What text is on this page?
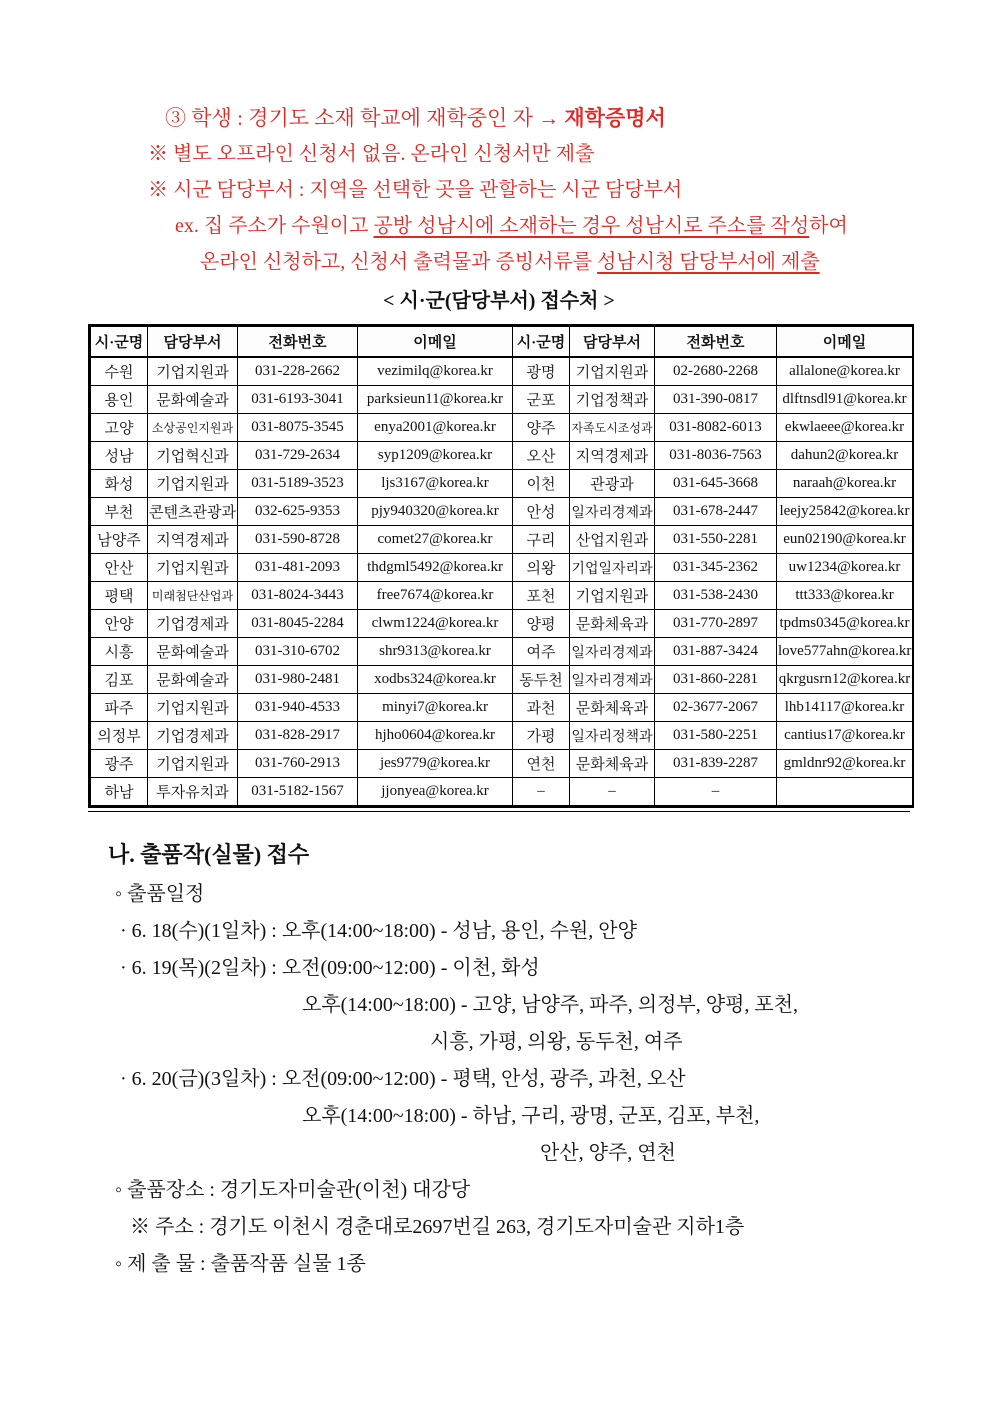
③ 학생 : 경기도 소재 학교에 재학중인 자 → 재학증명서

※ 별도 오프라인 신청서 없음. 온라인 신청서만 제출

※ 시군 담당부서 : 지역을 선택한 곳을 관할하는 시군 담당부서

ex. 집 주소가 수원이고 공방 성남시에 소재하는 경우 성남시로 주소를 작성하여

온라인 신청하고, 신청서 출력물과 증빙서류를 성남시청 담당부서에 제출

< 시·군(담당부서) 접수처 >
시·군명	담당부서	전화번호	이메일	시·군명	담당부서	전화번호	이메일
수원	기업지원과	031-228-2662	vezimilq@korea.kr	광명	기업지원과	02-2680-2268	allalone@korea.kr
용인	문화예술과	031-6193-3041	parksieun11@korea.kr	군포	기업정책과	031-390-0817	dlftnsdl91@korea.kr
고양	소상공인지원과	031-8075-3545	enya2001@korea.kr	양주	자족도시조성과	031-8082-6013	ekwlaeee@korea.kr
성남	기업혁신과	031-729-2634	syp1209@korea.kr	오산	지역경제과	031-8036-7563	dahun2@korea.kr
화성	기업지원과	031-5189-3523	ljs3167@korea.kr	이천	관광과	031-645-3668	naraah@korea.kr
부천	콘텐츠관광과	032-625-9353	pjy940320@korea.kr	안성	일자리경제과	031-678-2447	leejy25842@korea.kr
남양주	지역경제과	031-590-8728	comet27@korea.kr	구리	산업지원과	031-550-2281	eun02190@korea.kr
안산	기업지원과	031-481-2093	thdgml5492@korea.kr	의왕	기업일자리과	031-345-2362	uw1234@korea.kr
평택	미래첨단산업과	031-8024-3443	free7674@korea.kr	포천	기업지원과	031-538-2430	ttt333@korea.kr
안양	기업경제과	031-8045-2284	clwm1224@korea.kr	양평	문화체육과	031-770-2897	tpdms0345@korea.kr
시흥	문화예술과	031-310-6702	shr9313@korea.kr	여주	일자리경제과	031-887-3424	love577ahn@korea.kr
김포	문화예술과	031-980-2481	xodbs324@korea.kr	동두천	일자리경제과	031-860-2281	qkrgusrn12@korea.kr
파주	기업지원과	031-940-4533	minyi7@korea.kr	과천	문화체육과	02-3677-2067	lhb14117@korea.kr
의정부	기업경제과	031-828-2917	hjho0604@korea.kr	가평	일자리정책과	031-580-2251	cantius17@korea.kr
광주	기업지원과	031-760-2913	jes9779@korea.kr	연천	문화체육과	031-839-2287	gmldnr92@korea.kr
하남	투자유치과	031-5182-1567	jjonyea@korea.kr	–	–	–	

나. 출품작(실물) 접수

◦ 출품일정

· 6. 18(수)(1일차) : 오후(14:00~18:00) - 성남, 용인, 수원, 안양

· 6. 19(목)(2일차) : 오전(09:00~12:00) - 이천, 화성

오후(14:00~18:00) - 고양, 남양주, 파주, 의정부, 양평, 포천,

시흥, 가평, 의왕, 동두천, 여주

· 6. 20(금)(3일차) : 오전(09:00~12:00) - 평택, 안성, 광주, 과천, 오산

오후(14:00~18:00) - 하남, 구리, 광명, 군포, 김포, 부천,

안산, 양주, 연천

◦ 출품장소 : 경기도자미술관(이천) 대강당

※ 주소 : 경기도 이천시 경춘대로2697번길 263, 경기도자미술관 지하1층

◦ 제 출 물 : 출품작품 실물 1종
